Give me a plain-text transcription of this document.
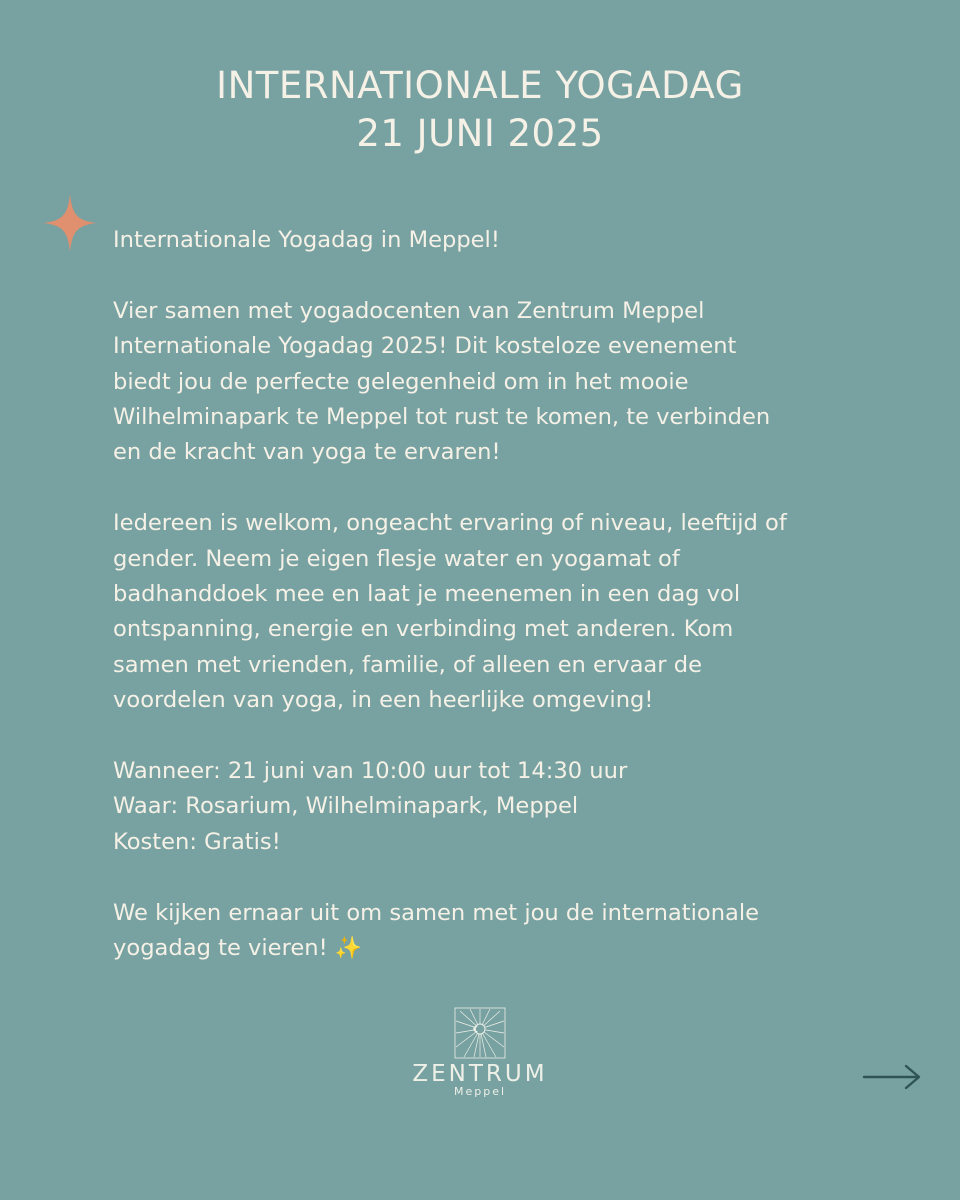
INTERNATIONALE YOGADAG
21 JUNI 2025

Internationale Yogadag in Meppel!

Vier samen met yogadocenten van Zentrum Meppel
Internationale Yogadag 2025! Dit kosteloze evenement
biedt jou de perfecte gelegenheid om in het mooie
Wilhelminapark te Meppel tot rust te komen, te verbinden
en de kracht van yoga te ervaren!

Iedereen is welkom, ongeacht ervaring of niveau, leeftijd of
gender. Neem je eigen flesje water en yogamat of
badhanddoek mee en laat je meenemen in een dag vol
ontspanning, energie en verbinding met anderen. Kom
samen met vrienden, familie, of alleen en ervaar de
voordelen van yoga, in een heerlijke omgeving!

Wanneer: 21 juni van 10:00 uur tot 14:30 uur

Waar: Rosarium, Wilhelminapark, Meppel

Kosten: Gratis!

We kijken ernaar uit om samen met jou de internationale
yogadag te vieren! ✨

ZENTRUM
Meppel
